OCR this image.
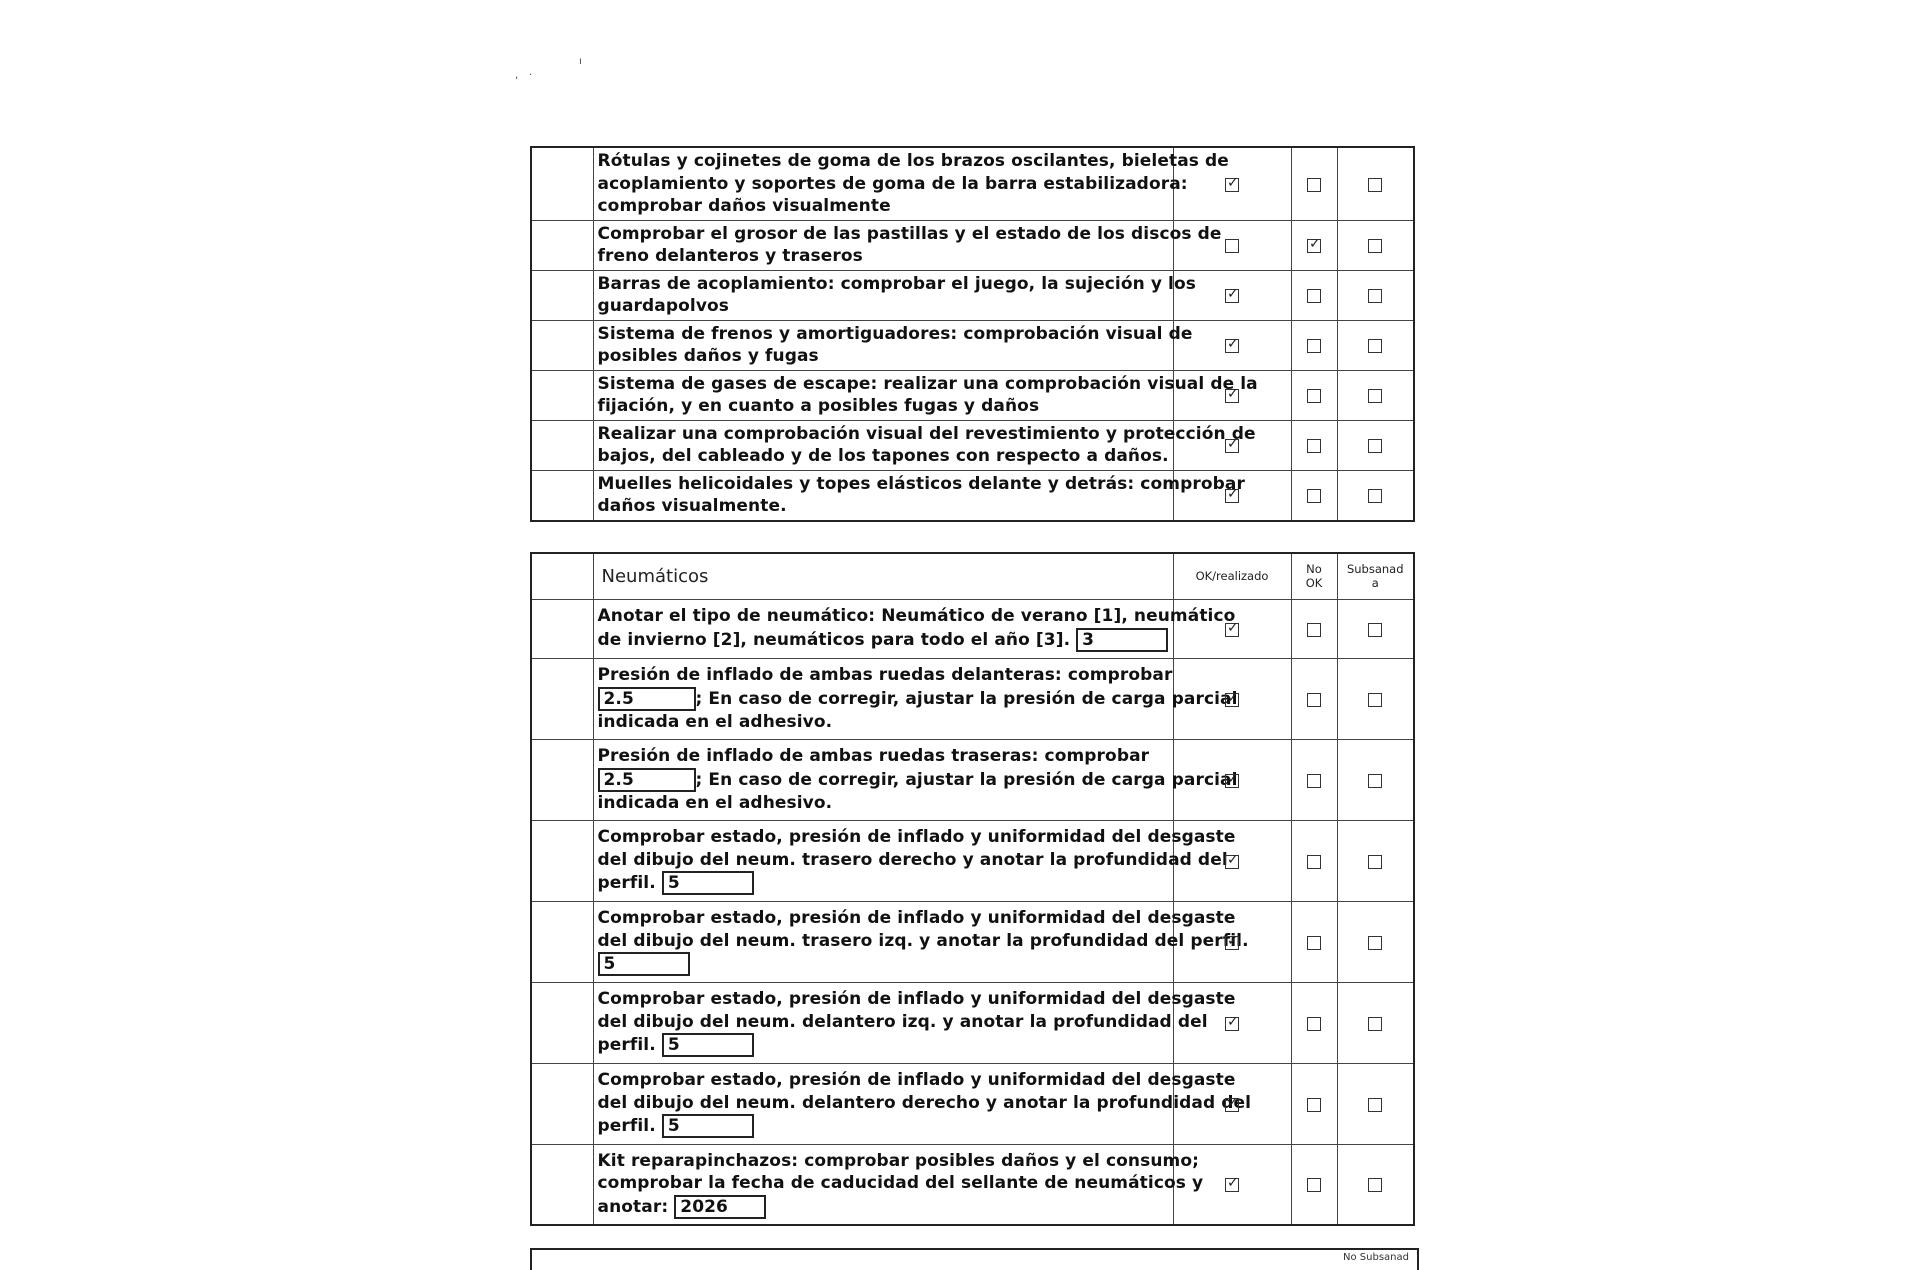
ı
, ·

	Rótulas y cojinetes de goma de los brazos oscilantes, bieletas de
acoplamiento y soportes de goma de la barra estabilizadora:
comprobar daños visualmente
	✓		

	Comprobar el grosor de las pastillas y el estado de los discos de
freno delanteros y traseros
		✓	

	Barras de acoplamiento: comprobar el juego, la sujeción y los
guardapolvos
	✓		

	Sistema de frenos y amortiguadores: comprobación visual de
posibles daños y fugas
	✓		

	Sistema de gases de escape: realizar una comprobación visual de la
fijación, y en cuanto a posibles fugas y daños
	✓		

	Realizar una comprobación visual del revestimiento y protección de
bajos, del cableado y de los tapones con respecto a daños.
	✓		

	Muelles helicoidales y topes elásticos delante y detrás: comprobar
daños visualmente.
	✓		
	Neumáticos	OK/realizado	No
OK	Subsanad
a

	Anotar el tipo de neumático: Neumático de verano [1], neumático
de invierno [2], neumáticos para todo el año [3]. 3
	✓		

	Presión de inflado de ambas ruedas delanteras: comprobar
2.5 ; En caso de corregir, ajustar la presión de carga parcial
indicada en el adhesivo.
	✓		

	Presión de inflado de ambas ruedas traseras: comprobar
2.5 ; En caso de corregir, ajustar la presión de carga parcial
indicada en el adhesivo.
	✓		

	Comprobar estado, presión de inflado y uniformidad del desgaste
del dibujo del neum. trasero derecho y anotar la profundidad del
perfil. 5
	✓		

	Comprobar estado, presión de inflado y uniformidad del desgaste
del dibujo del neum. trasero izq. y anotar la profundidad del perfil.
5
	✓		

	Comprobar estado, presión de inflado y uniformidad del desgaste
del dibujo del neum. delantero izq. y anotar la profundidad del
perfil. 5
	✓		

	Comprobar estado, presión de inflado y uniformidad del desgaste
del dibujo del neum. delantero derecho y anotar la profundidad del
perfil. 5
	✓		

	Kit reparapinchazos: comprobar posibles daños y el consumo;
comprobar la fecha de caducidad del sellante de neumáticos y
anotar: 2026
	✓		
No Subsanad
